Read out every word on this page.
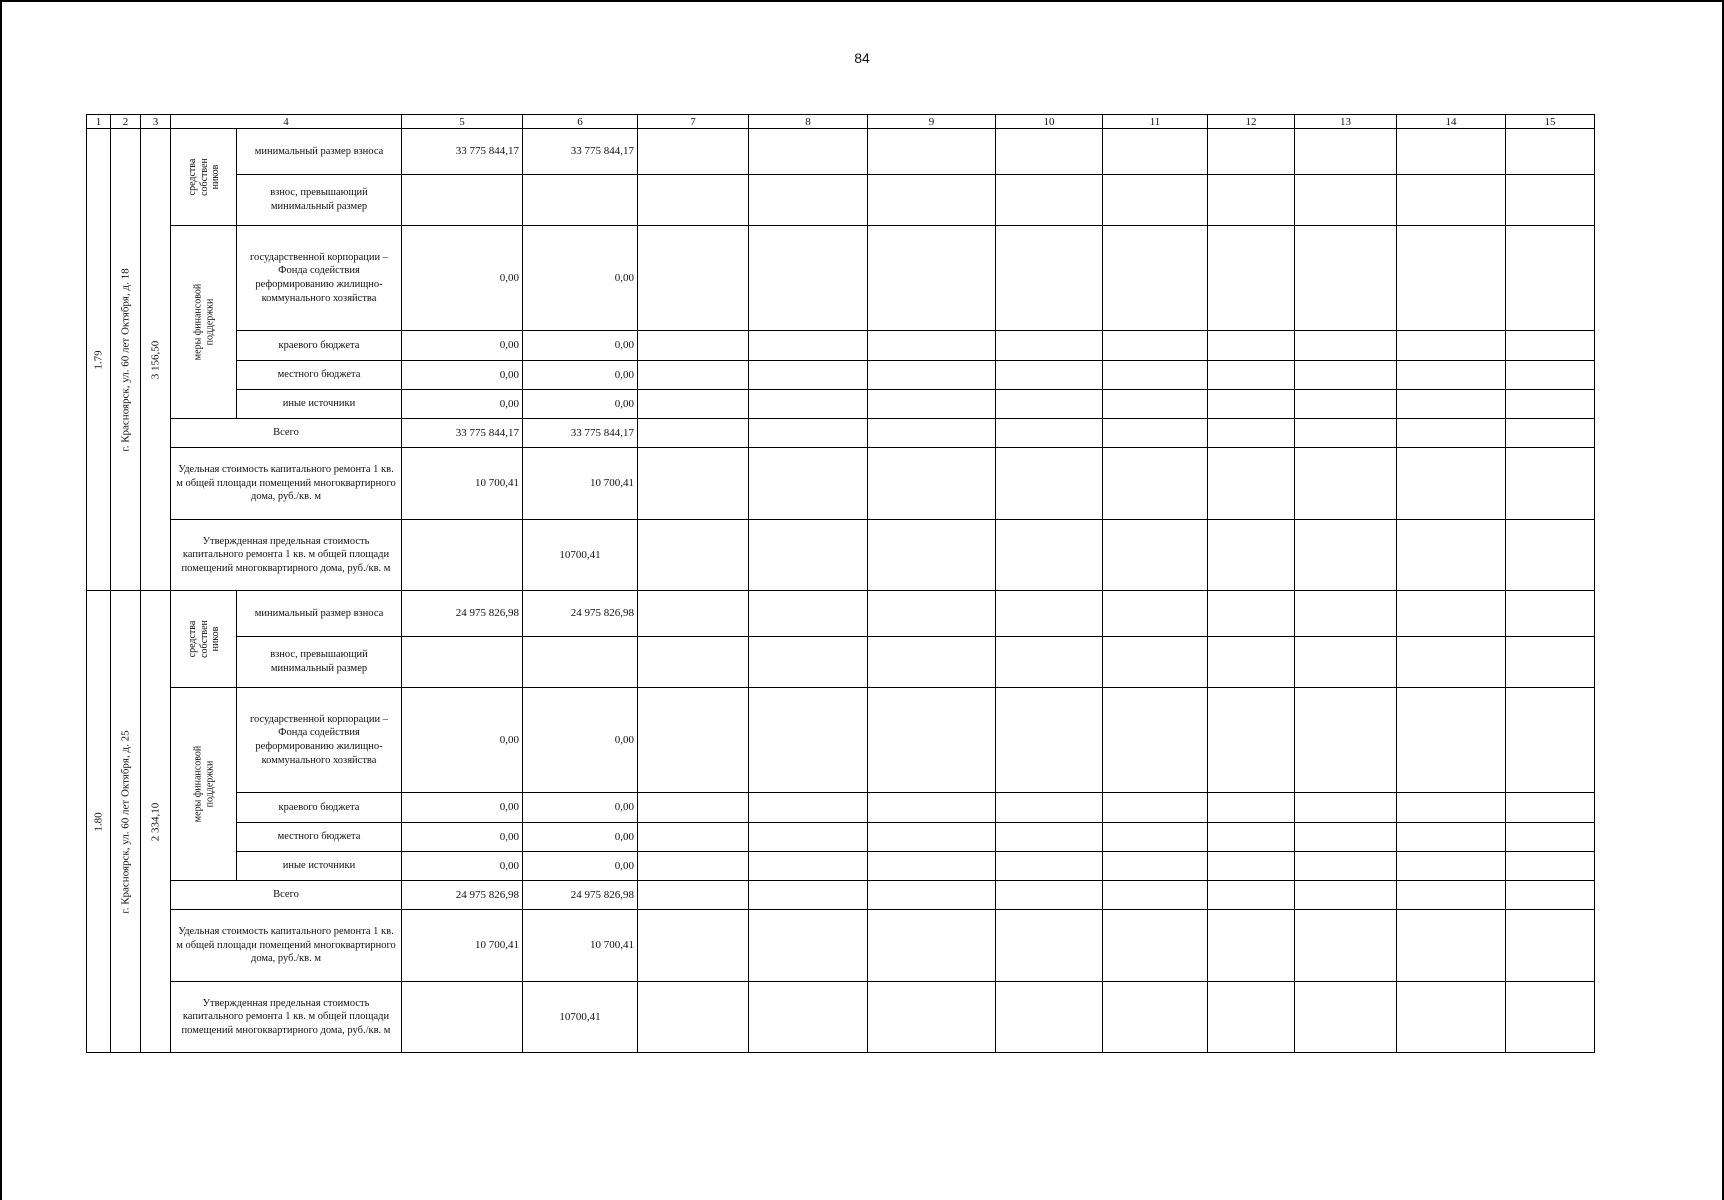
84
1	2	3	4		5	6	7	8	9	10	11	12	13	14	15

1.79	г. Красноярск, ул. 60 лет Октября, д. 18	3 156,50	средства собствен ников	минимальный размер взноса	33 775 844,17	33 775 844,17									
				взнос, превышающий минимальный размер											

			меры финансовой поддержки	государственной корпорации – Фонда содействия реформированию жилищно-коммунального хозяйства	0,00	0,00									
				краевого бюджета	0,00	0,00									
				местного бюджета	0,00	0,00									
				иные источники	0,00	0,00									
			Всего		33 775 844,17	33 775 844,17									
			Удельная стоимость капитального ремонта 1 кв. м общей площади помещений многоквартирного дома, руб./кв. м		10 700,41	10 700,41									
			Утвержденная предельная стоимость капитального ремонта 1 кв. м общей площади помещений многоквартирного дома, руб./кв. м			10700,41									

1.80	г. Красноярск, ул. 60 лет Октября, д. 25	2 334,10	средства собствен ников	минимальный размер взноса	24 975 826,98	24 975 826,98									
				взнос, превышающий минимальный размер											

			меры финансовой поддержки	государственной корпорации – Фонда содействия реформированию жилищно-коммунального хозяйства	0,00	0,00									
				краевого бюджета	0,00	0,00									
				местного бюджета	0,00	0,00									
				иные источники	0,00	0,00									
			Всего		24 975 826,98	24 975 826,98									
			Удельная стоимость капитального ремонта 1 кв. м общей площади помещений многоквартирного дома, руб./кв. м		10 700,41	10 700,41									
			Утвержденная предельная стоимость капитального ремонта 1 кв. м общей площади помещений многоквартирного дома, руб./кв. м			10700,41									
